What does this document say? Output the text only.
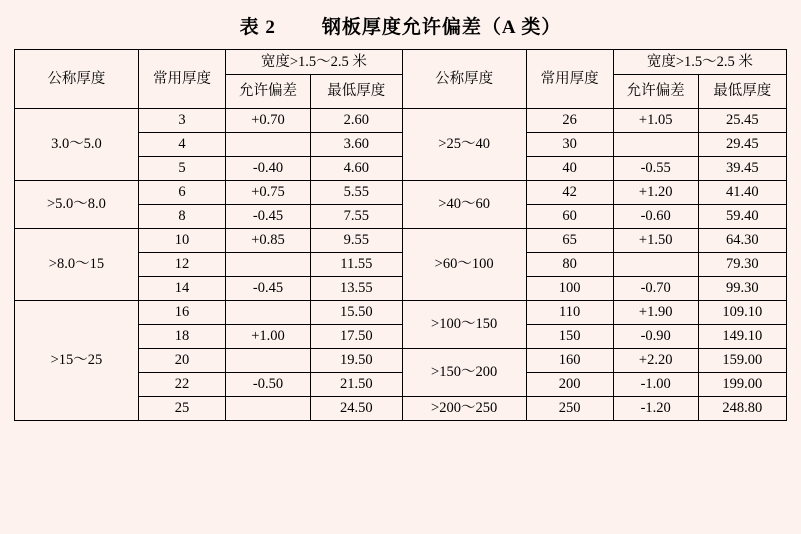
表 2 钢板厚度允许偏差（A 类）
公称厚度	常用厚度	宽度>1.5～2.5 米		公称厚度	常用厚度	宽度>1.5～2.5 米	
		允许偏差	最低厚度			允许偏差	最低厚度
3.0～5.0	3	+0.70	2.60	>25～40	26	+1.05	25.45
	4		3.60		30		29.45
	5	-0.40	4.60		40	-0.55	39.45
>5.0～8.0	6	+0.75	5.55	>40～60	42	+1.20	41.40
	8	-0.45	7.55		60	-0.60	59.40
>8.0～15	10	+0.85	9.55	>60～100	65	+1.50	64.30
	12		11.55		80		79.30
	14	-0.45	13.55		100	-0.70	99.30
>15～25	16		15.50	>100～150	110	+1.90	109.10
	18	+1.00	17.50		150	-0.90	149.10
	20		19.50	>150～200	160	+2.20	159.00
	22	-0.50	21.50		200	-1.00	199.00
	25		24.50	>200～250	250	-1.20	248.80
